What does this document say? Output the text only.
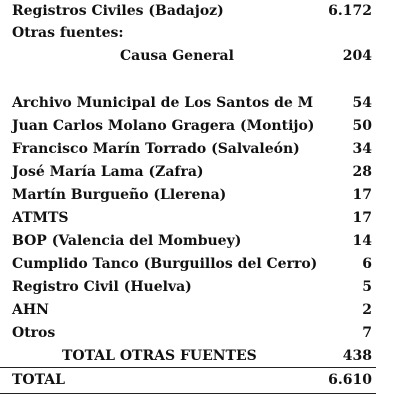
Registros Civiles (Badajoz)	6.172
Otras fuentes:
Causa General	204
Archivo Municipal de Los Santos de M	54
Juan Carlos Molano Gragera (Montijo)	50
Francisco Marín Torrado (Salvaleón)	34
José María Lama (Zafra)	28
Martín Burgueño (Llerena)	17
ATMTS	17
BOP (Valencia del Mombuey)	14
Cumplido Tanco (Burguillos del Cerro)	6
Registro Civil (Huelva)	5
AHN	2
Otros	7
TOTAL OTRAS FUENTES	438
TOTAL	6.610
